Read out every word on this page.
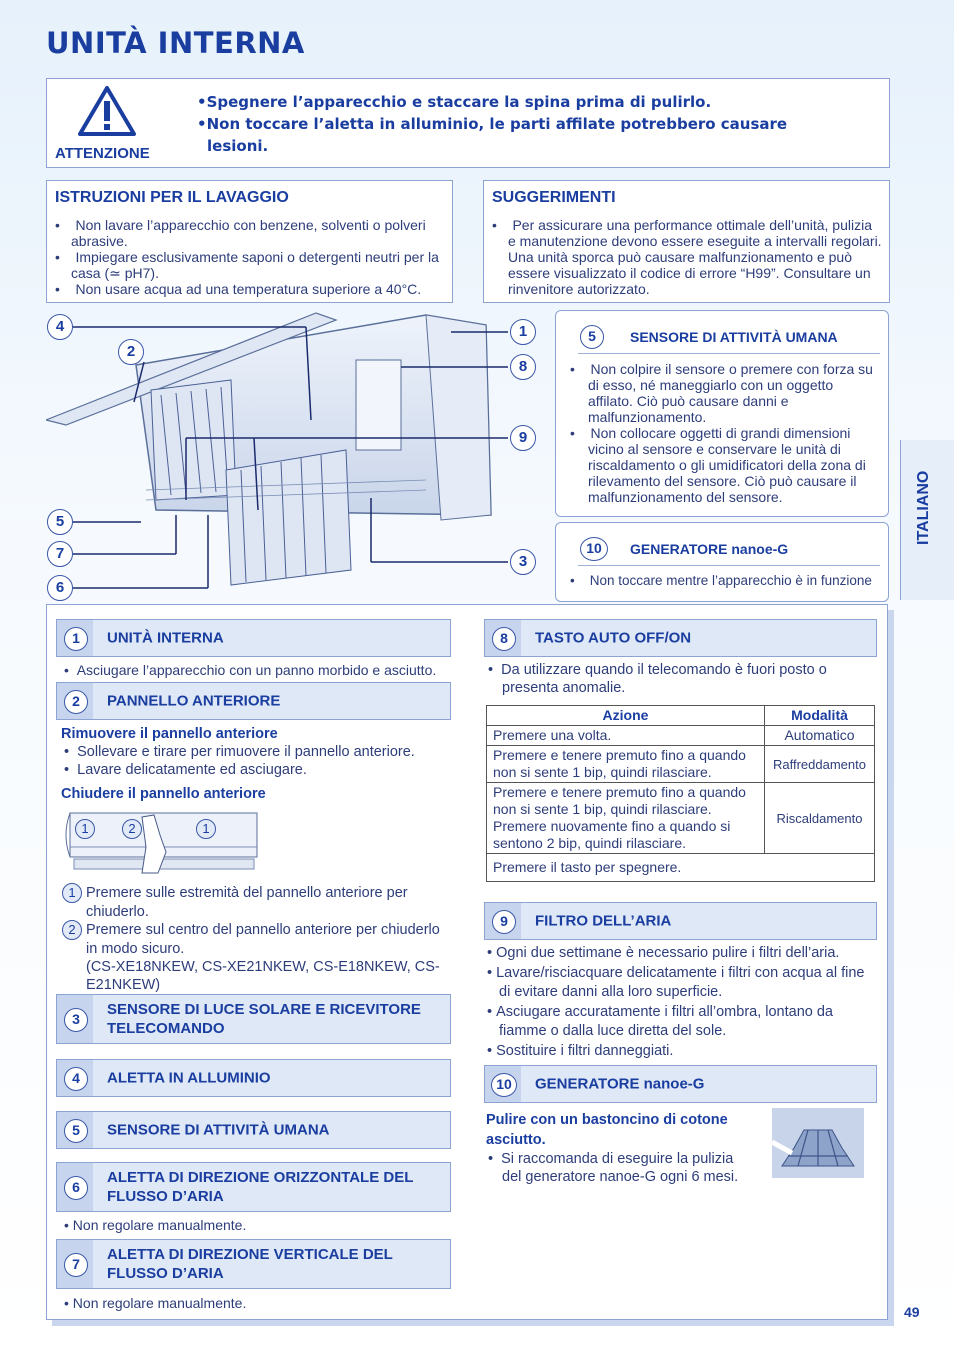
UNITÀ INTERNA
ATTENZIONE
•Spegnere l’apparecchio e staccare la spina prima di pulirlo.
•Non toccare l’aletta in alluminio, le parti affilate potrebbero causare lesioni.
ISTRUZIONI PER IL LAVAGGIO
•    Non lavare l’apparecchio con benzene, solventi o polveri abrasive.
•    Impiegare esclusivamente saponi o detergenti neutri per la casa (≃ pH7).
•    Non usare acqua ad una temperatura superiore a 40°C.
SUGGERIMENTI
•    Per assicurare una performance ottimale dell’unità, pulizia e manutenzione devono essere eseguite a intervalli regolari. Una unità sporca può causare malfunzionamento e può essere visualizzato il codice di errore “H99”. Consultare un rinvenitore autorizzato.
4
2
1
8
9
5
7	3
6
5	SENSORE DI ATTIVITÀ UMANA
•    Non colpire il sensore o premere con forza su di esso, né maneggiarlo con un oggetto affilato. Ciò può causare danni e malfunzionamento.
•    Non collocare oggetti di grandi dimensioni vicino al sensore e conservare le unità di riscaldamento o gli umidificatori della zona di rilevamento del sensore. Ciò può causare il malfunzionamento del sensore.
10	GENERATORE nanoe-G
•    Non toccare mentre l’apparecchio è in funzione
ITALIANO
1	UNITÀ INTERNA
•  Asciugare l’apparecchio con un panno morbido e asciutto.
2	PANNELLO ANTERIORE
Rimuovere il pannello anteriore
•  Sollevare e tirare per rimuovere il pannello anteriore.
•  Lavare delicatamente ed asciugare.
Chiudere il pannello anteriore
1	2	1
1 Premere sulle estremità del pannello anteriore per chiuderlo.
2 Premere sul centro del pannello anteriore per chiuderlo in modo sicuro.
(CS-XE18NKEW, CS-XE21NKEW, CS-E18NKEW, CS-E21NKEW)
3
SENSORE DI LUCE SOLARE E RICEVITORE TELECOMANDO
4	ALETTA IN ALLUMINIO
5	SENSORE DI ATTIVITÀ UMANA
6
ALETTA DI DIREZIONE ORIZZONTALE DEL FLUSSO D’ARIA
• Non regolare manualmente.
7
ALETTA DI DIREZIONE VERTICALE DEL FLUSSO D’ARIA
• Non regolare manualmente.
8	TASTO AUTO OFF/ON
•  Da utilizzare quando il telecomando è fuori posto o presenta anomalie.
Azione	Modalità
Premere una volta.	Automatico
Premere e tenere premuto fino a quando non si sente 1 bip, quindi rilasciare.	Raffreddamento
Premere e tenere premuto fino a quando non si sente 1 bip, quindi rilasciare. Premere nuovamente fino a quando si sentono 2 bip, quindi rilasciare.	Riscaldamento
Premere il tasto per spegnere.	
9	FILTRO DELL’ARIA
• Ogni due settimane è necessario pulire i filtri dell’aria.
• Lavare/risciacquare delicatamente i filtri con acqua al fine di evitare danni alla loro superficie.
• Asciugare accuratamente i filtri all’ombra, lontano da fiamme o dalla luce diretta del sole.
• Sostituire i filtri danneggiati.
10	GENERATORE nanoe-G
Pulire con un bastoncino di cotone asciutto.
•  Si raccomanda di eseguire la pulizia del generatore nanoe-G ogni 6 mesi.
49
